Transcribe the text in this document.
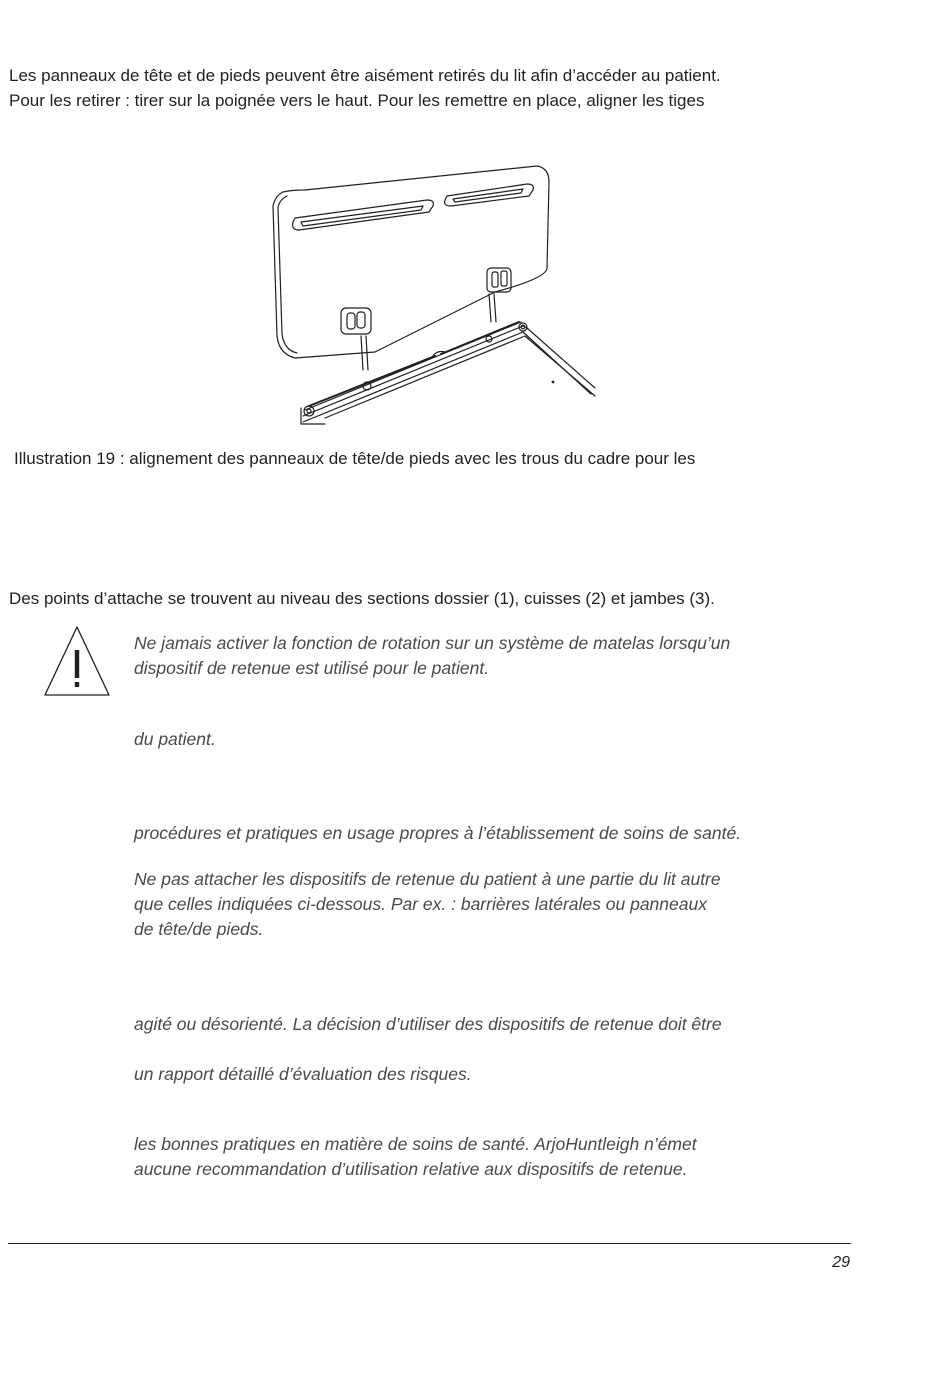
Les panneaux de tête et de pieds peuvent être aisément retirés du lit afin d’accéder au patient.
Pour les retirer : tirer sur la poignée vers le haut. Pour les remettre en place, aligner les tiges
Illustration 19 : alignement des panneaux de tête/de pieds avec les trous du cadre pour les
Des points d’attache se trouvent au niveau des sections dossier (1), cuisses (2) et jambes (3).
Ne jamais activer la fonction de rotation sur un système de matelas lorsqu’un
dispositif de retenue est utilisé pour le patient.
du patient.
procédures et pratiques en usage propres à l’établissement de soins de santé.
Ne pas attacher les dispositifs de retenue du patient à une partie du lit autre
que celles indiquées ci-dessous. Par ex. : barrières latérales ou panneaux
de tête/de pieds.
agité ou désorienté. La décision d’utiliser des dispositifs de retenue doit être
un rapport détaillé d’évaluation des risques.
les bonnes pratiques en matière de soins de santé. ArjoHuntleigh n’émet
aucune recommandation d’utilisation relative aux dispositifs de retenue.
29
